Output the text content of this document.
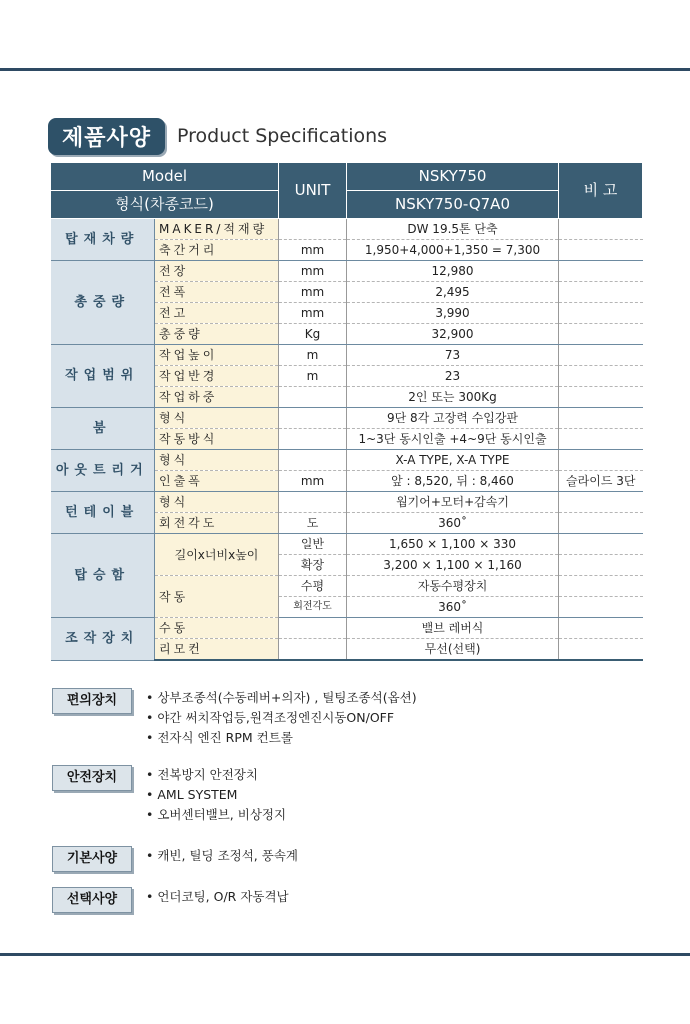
제품사양	Product Specifications
Model		UNIT	NSKY750	비 고
형식(차종코드)			NSKY750-Q7A0	
탑재차량	MAKER/적재량		DW 19.5톤 단축	
	축간거리	mm	1,950+4,000+1,350 = 7,300	
총중량	전장	mm	12,980	
	전폭	mm	2,495	
	전고	mm	3,990	
	총중량	Kg	32,900	
작업범위	작업높이	m	73	
	작업반경	m	23	
	작업하중		2인 또는 300Kg	
붐	형식		9단 8각 고장력 수입강판	
	작동방식		1~3단 동시인출 +4~9단 동시인출	
아웃트리거	형식		X-A TYPE, X-A TYPE	
	인출폭	mm	앞 : 8,520, 뒤 : 8,460	슬라이드 3단
턴테이블	형식		웜기어+모터+감속기	
	회전각도	도	360˚	
탑승함	길이x너비x높이	일반	1,650 × 1,100 × 330	
		확장	3,200 × 1,100 × 1,160	
	작동	수평	자동수평장치	
		회전각도	360˚	
조작장치	수동		밸브 레버식	
	리모컨		무선(선택)	
편의장치	• 상부조종석(수동레버+의자) , 틸팅조종석(옵션)
• 야간 써치작업등,원격조정엔진시동ON/OFF
• 전자식 엔진 RPM 컨트롤
안전장치	• 전복방지 안전장치
• AML SYSTEM
• 오버센터밸브, 비상정지
기본사양	• 캐빈, 틸딩 조정석, 풍속계
선택사양	• 언더코팅, O/R 자동격납
